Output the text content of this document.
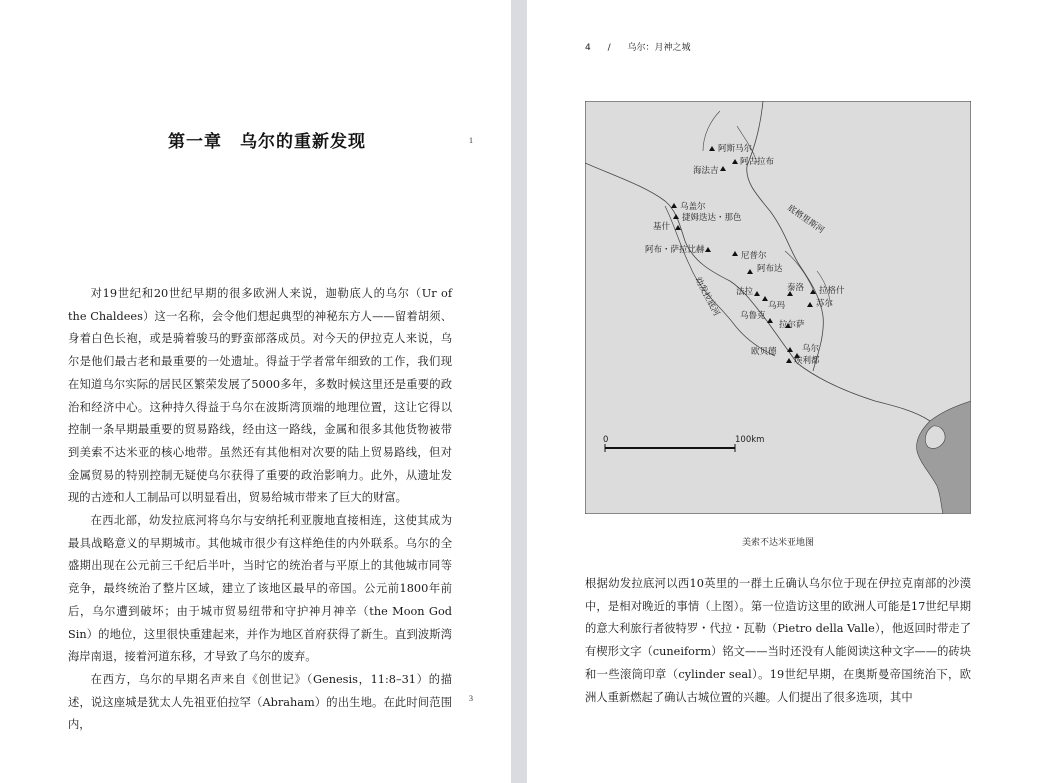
第一章　乌尔的重新发现	1
3

对19世纪和20世纪早期的很多欧洲人来说，迦勒底人的乌尔（Ur of the Chaldees）这一名称，会令他们想起典型的神秘东方人——留着胡须、身着白色长袍，或是骑着骏马的野蛮部落成员。对今天的伊拉克人来说，乌尔是他们最古老和最重要的一处遗址。得益于学者常年细致的工作，我们现在知道乌尔实际的居民区繁荣发展了5000多年，多数时候这里还是重要的政治和经济中心。这种持久得益于乌尔在波斯湾顶端的地理位置，这让它得以控制一条早期最重要的贸易路线，经由这一路线，金属和很多其他货物被带到美索不达米亚的核心地带。虽然还有其他相对次要的陆上贸易路线，但对金属贸易的特别控制无疑使乌尔获得了重要的政治影响力。此外，从遗址发现的古迹和人工制品可以明显看出，贸易给城市带来了巨大的财富。

在西北部，幼发拉底河将乌尔与安纳托利亚腹地直接相连，这使其成为最具战略意义的早期城市。其他城市很少有这样绝佳的内外联系。乌尔的全盛期出现在公元前三千纪后半叶，当时它的统治者与平原上的其他城市同等竞争，最终统治了整片区域，建立了该地区最早的帝国。公元前1800年前后，乌尔遭到破坏；由于城市贸易纽带和守护神月神辛（the Moon God Sin）的地位，这里很快重建起来，并作为地区首府获得了新生。直到波斯湾海岸南退，接着河道东移，才导致了乌尔的废弃。

在西方，乌尔的早期名声来自《创世记》（Genesis，11:8–31）的描述，说这座城是犹太人先祖亚伯拉罕（Abraham）的出生地。在此时间范围内，

4 / 乌尔：月神之城
阿斯马尔
阿古拉布
海法吉
乌盖尔
捷姆迭达・那色
基什
阿布・萨拉比赫
尼普尔
阿布达
法拉
乌玛
泰洛 拉格什
苏尔
乌鲁克
拉尔萨
欧贝德	乌尔
埃利都
底格里斯河
幼发拉底河
0	100km
美索不达米亚地图

根据幼发拉底河以西10英里的一群土丘确认乌尔位于现在伊拉克南部的沙漠中，是相对晚近的事情（上图）。第一位造访这里的欧洲人可能是17世纪早期的意大利旅行者彼特罗・代拉・瓦勒（Pietro della Valle），他返回时带走了有楔形文字（cuneiform）铭文——当时还没有人能阅读这种文字——的砖块和一些滚筒印章（cylinder seal）。19世纪早期，在奥斯曼帝国统治下，欧洲人重新燃起了确认古城位置的兴趣。人们提出了很多选项，其中
